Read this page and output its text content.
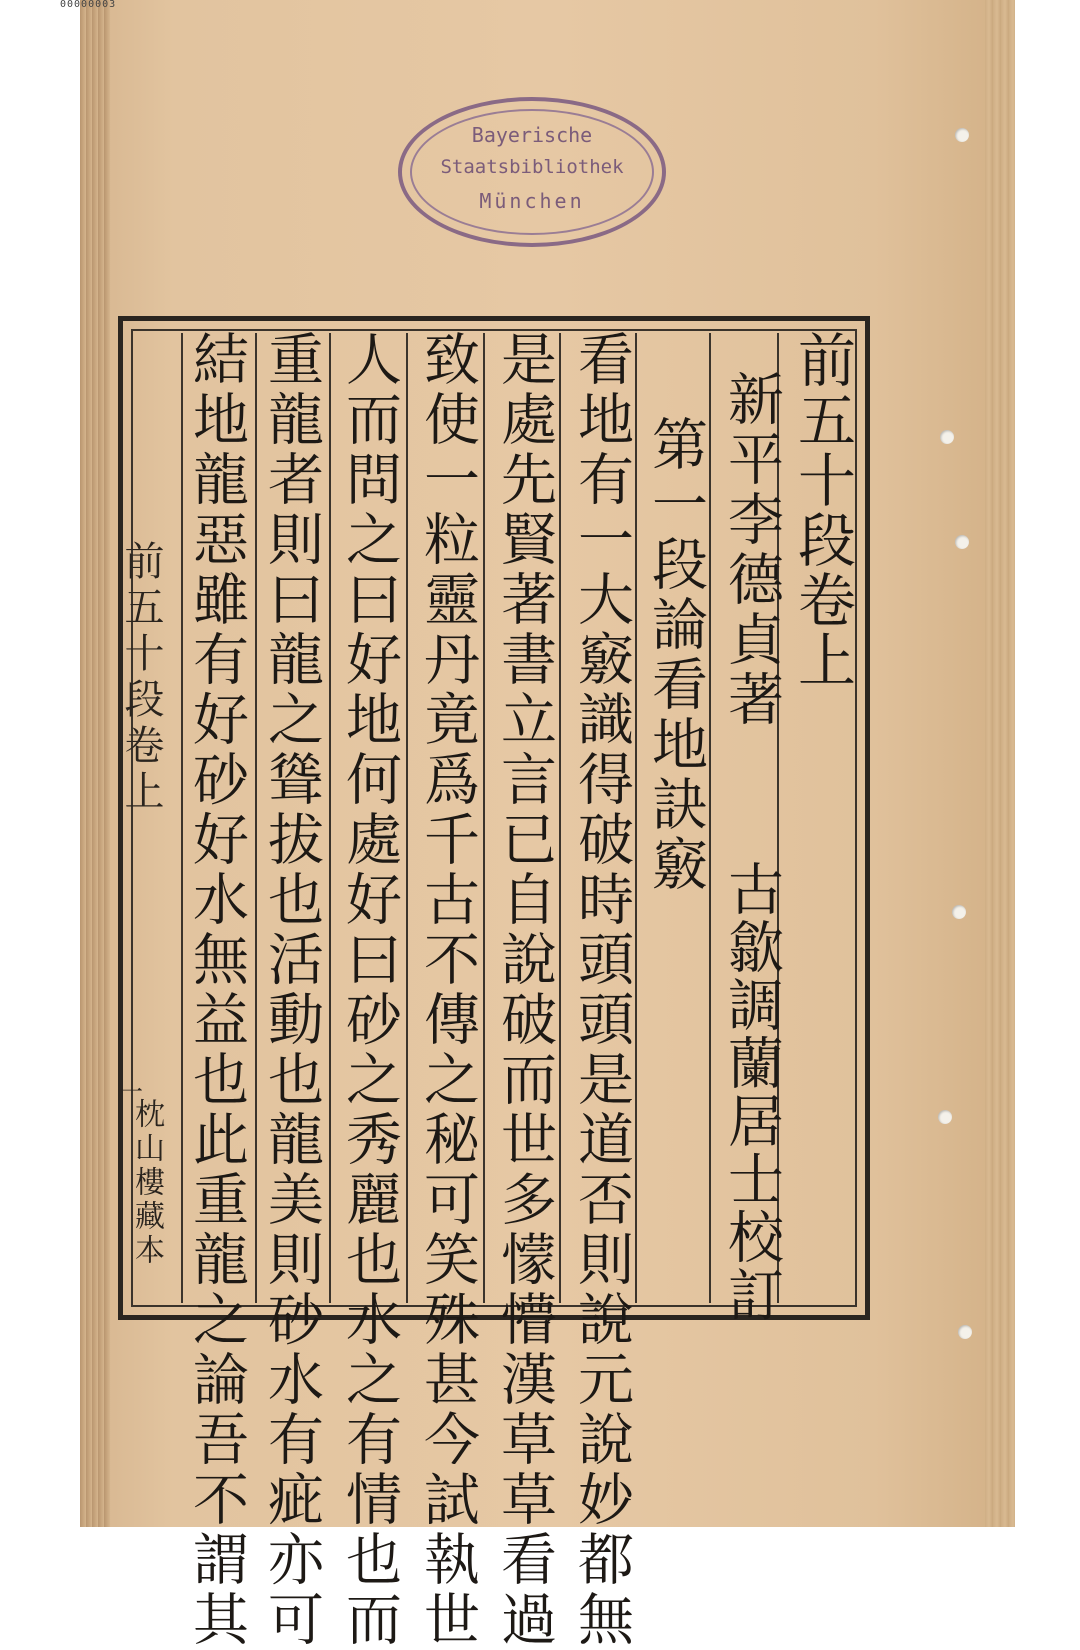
00000003
Bayerische
Staatsbibliothek
München
前五十段卷上
新平李德貞著
古歙調蘭居士校訂
第一段論看地訣竅
看地有一大竅識得破時頭頭是道否則說元說妙都無
是處先賢著書立言已自說破而世多懞懵漢草草看過
致使一粒靈丹竟爲千古不傳之秘可笑殊甚今試執世
人而問之曰好地何處好曰砂之秀麗也水之有情也而
重龍者則曰龍之聳拔也活動也龍美則砂水有疵亦可
結地龍惡雖有好砂好水無益也此重龍之論吾不謂其
前五十段卷上
一
枕山樓藏本
